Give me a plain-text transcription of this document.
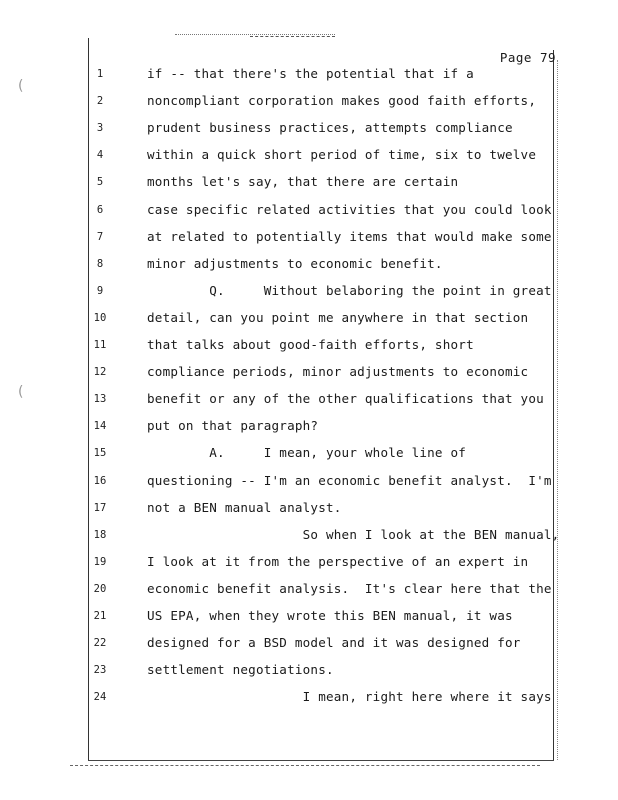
(
(
Page 79
1	if -- that there's the potential that if a
2	noncompliant corporation makes good faith efforts,
3	prudent business practices, attempts compliance
4	within a quick short period of time, six to twelve
5	months let's say, that there are certain
6	case specific related activities that you could look
7	at related to potentially items that would make some
8	minor adjustments to economic benefit.
9	Q.     Without belaboring the point in great
10	detail, can you point me anywhere in that section
11	that talks about good-faith efforts, short
12	compliance periods, minor adjustments to economic
13	benefit or any of the other qualifications that you
14	put on that paragraph?
15	A.     I mean, your whole line of
16	questioning -- I'm an economic benefit analyst.  I'm
17	not a BEN manual analyst.
18	So when I look at the BEN manual,
19	I look at it from the perspective of an expert in
20	economic benefit analysis.  It's clear here that the
21	US EPA, when they wrote this BEN manual, it was
22	designed for a BSD model and it was designed for
23	settlement negotiations.
24	I mean, right here where it says
